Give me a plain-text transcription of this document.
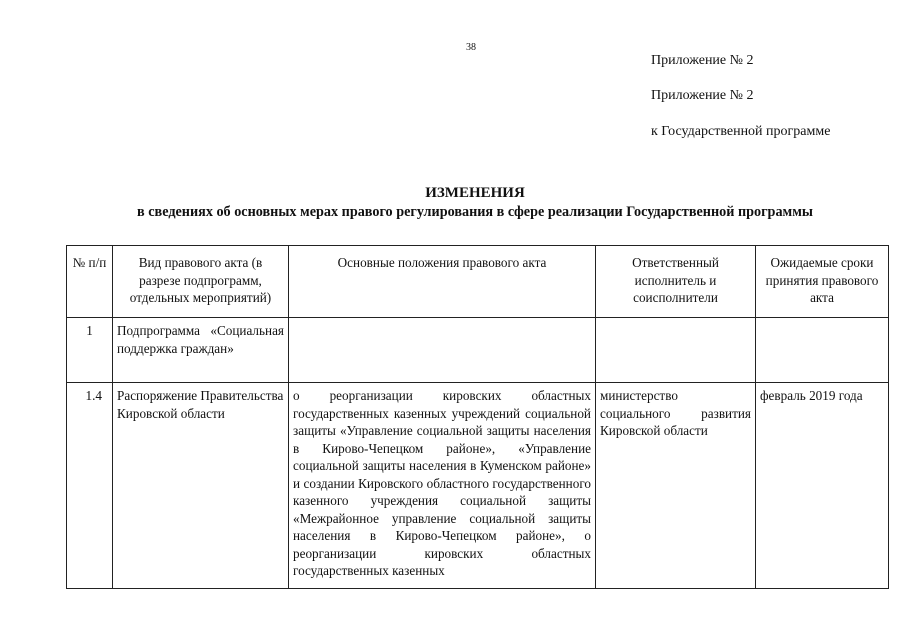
38
Приложение № 2
Приложение № 2
к Государственной программе
ИЗМЕНЕНИЯ
в сведениях об основных мерах правого регулирования в сфере реализации Государственной программы
№ п/п	Вид правового акта (в разрезе подпрограмм, отдельных мероприятий)	Основные положения правового акта	Ответственный исполнитель и соисполнители	Ожидаемые сроки принятия правового акта
1	Подпрограмма «Социальная поддержка граждан»			
1.4	Распоряжение Правительства Кировской области	о реорганизации кировских областных государственных казенных учреждений социальной защиты «Управление социальной защиты населения в Кирово-Чепецком районе», «Управление социальной защиты населения в Куменском районе» и создании Кировского областного государственного казенного учреждения социальной защиты «Межрайонное управление социальной защиты населения в Кирово-Чепецком районе», о реорганизации кировских областных государственных казенных	министерство социального развития Кировской области	февраль 2019 года
